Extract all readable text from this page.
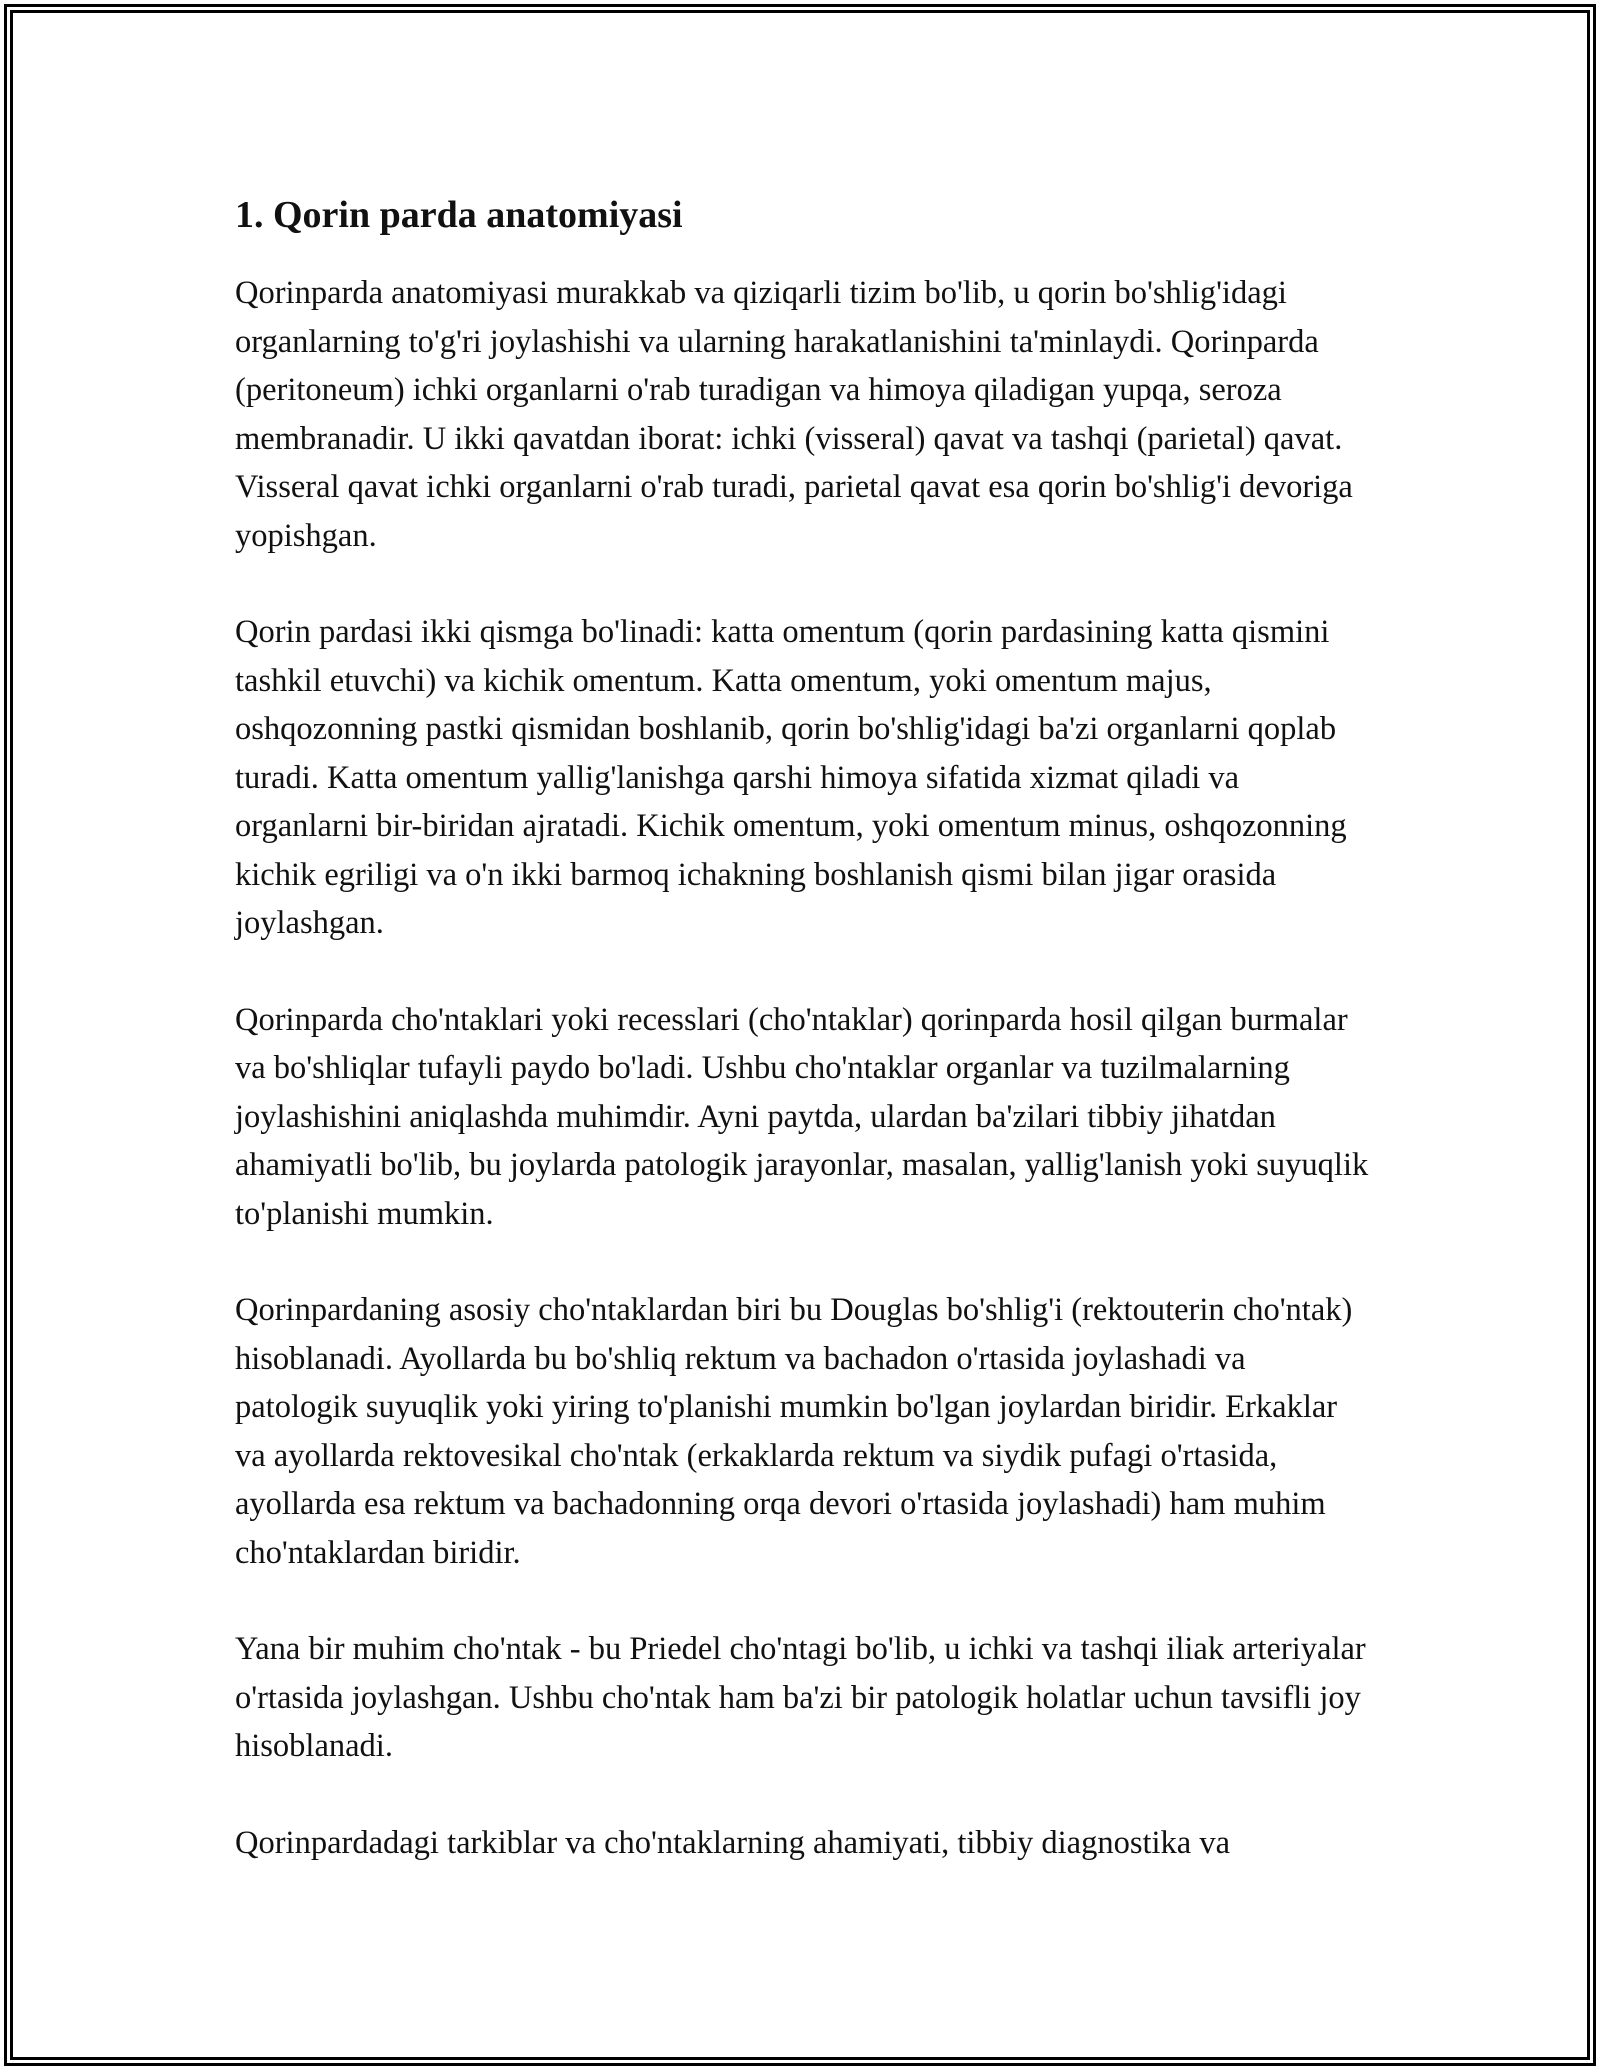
1. Qorin parda anatomiyasi

Qorinparda anatomiyasi murakkab va qiziqarli tizim bo'lib, u qorin bo'shlig'idagi organlarning to'g'ri joylashishi va ularning harakatlanishini ta'minlaydi. Qorinparda (peritoneum) ichki organlarni o'rab turadigan va himoya qiladigan yupqa, seroza membranadir. U ikki qavatdan iborat: ichki (visseral) qavat va tashqi (parietal) qavat. Visseral qavat ichki organlarni o'rab turadi, parietal qavat esa qorin bo'shlig'i devoriga yopishgan.

Qorin pardasi ikki qismga bo'linadi: katta omentum (qorin pardasining katta qismini tashkil etuvchi) va kichik omentum. Katta omentum, yoki omentum majus, oshqozonning pastki qismidan boshlanib, qorin bo'shlig'idagi ba'zi organlarni qoplab turadi. Katta omentum yallig'lanishga qarshi himoya sifatida xizmat qiladi va organlarni bir-biridan ajratadi. Kichik omentum, yoki omentum minus, oshqozonning kichik egriligi va o'n ikki barmoq ichakning boshlanish qismi bilan jigar orasida joylashgan.

Qorinparda cho'ntaklari yoki recesslari (cho'ntaklar) qorinparda hosil qilgan burmalar va bo'shliqlar tufayli paydo bo'ladi. Ushbu cho'ntaklar organlar va tuzilmalarning joylashishini aniqlashda muhimdir. Ayni paytda, ulardan ba'zilari tibbiy jihatdan ahamiyatli bo'lib, bu joylarda patologik jarayonlar, masalan, yallig'lanish yoki suyuqlik to'planishi mumkin.

Qorinpardaning asosiy cho'ntaklardan biri bu Douglas bo'shlig'i (rektouterin cho'ntak) hisoblanadi. Ayollarda bu bo'shliq rektum va bachadon o'rtasida joylashadi va patologik suyuqlik yoki yiring to'planishi mumkin bo'lgan joylardan biridir. Erkaklar va ayollarda rektovesikal cho'ntak (erkaklarda rektum va siydik pufagi o'rtasida, ayollarda esa rektum va bachadonning orqa devori o'rtasida joylashadi) ham muhim cho'ntaklardan biridir.

Yana bir muhim cho'ntak - bu Priedel cho'ntagi bo'lib, u ichki va tashqi iliak arteriyalar o'rtasida joylashgan. Ushbu cho'ntak ham ba'zi bir patologik holatlar uchun tavsifli joy hisoblanadi.

Qorinpardadagi tarkiblar va cho'ntaklarning ahamiyati, tibbiy diagnostika va
